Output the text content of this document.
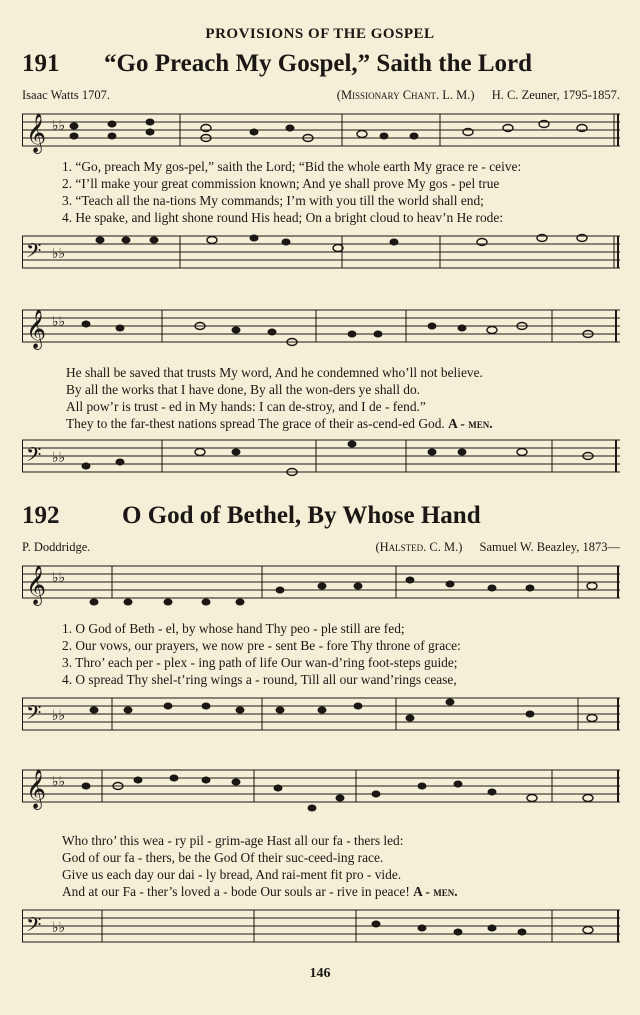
PROVISIONS OF THE GOSPEL
191 “Go Preach My Gospel,” Saith the Lord
Isaac Watts 1707.	(Missionary Chant. L. M.) H. C. Zeuner, 1795-1857.
𝄞 ♭♭
1. “Go, preach My gos-pel,” saith the Lord; “Bid the whole earth My grace re - ceive:
2. “I’ll make your great commission known; And ye shall prove My gos - pel true
3. “Teach all the na-tions My commands; I’m with you till the world shall end;
4. He spake, and light shone round His head; On a bright cloud to heav’n He rode:
𝄢 ♭♭
𝄞 ♭♭
He shall be saved that trusts My word, And he condemned who’ll not believe.
By all the works that I have done, By all the won-ders ye shall do.
All pow’r is trust - ed in My hands: I can de-stroy, and I de - fend.”
They to the far-thest nations spread The grace of their as-cend-ed God. A - men.
𝄢 ♭♭
192	O God of Bethel, By Whose Hand
P. Doddridge.	(Halsted. C. M.) Samuel W. Beazley, 1873—
𝄞 ♭♭
1. O God of Beth - el, by whose hand Thy peo - ple still are fed;
2. Our vows, our prayers, we now pre - sent Be - fore Thy throne of grace:
3. Thro’ each per - plex - ing path of life Our wan-d’ring foot-steps guide;
4. O spread Thy shel-t’ring wings a - round, Till all our wand’rings cease,
𝄢 ♭♭
𝄞 ♭♭
Who thro’ this wea - ry pil - grim-age Hast all our fa - thers led:
God of our fa - thers, be the God Of their suc-ceed-ing race.
Give us each day our dai - ly bread, And rai-ment fit pro - vide.
And at our Fa - ther’s loved a - bode Our souls ar - rive in peace! A - men.
𝄢 ♭♭
146
